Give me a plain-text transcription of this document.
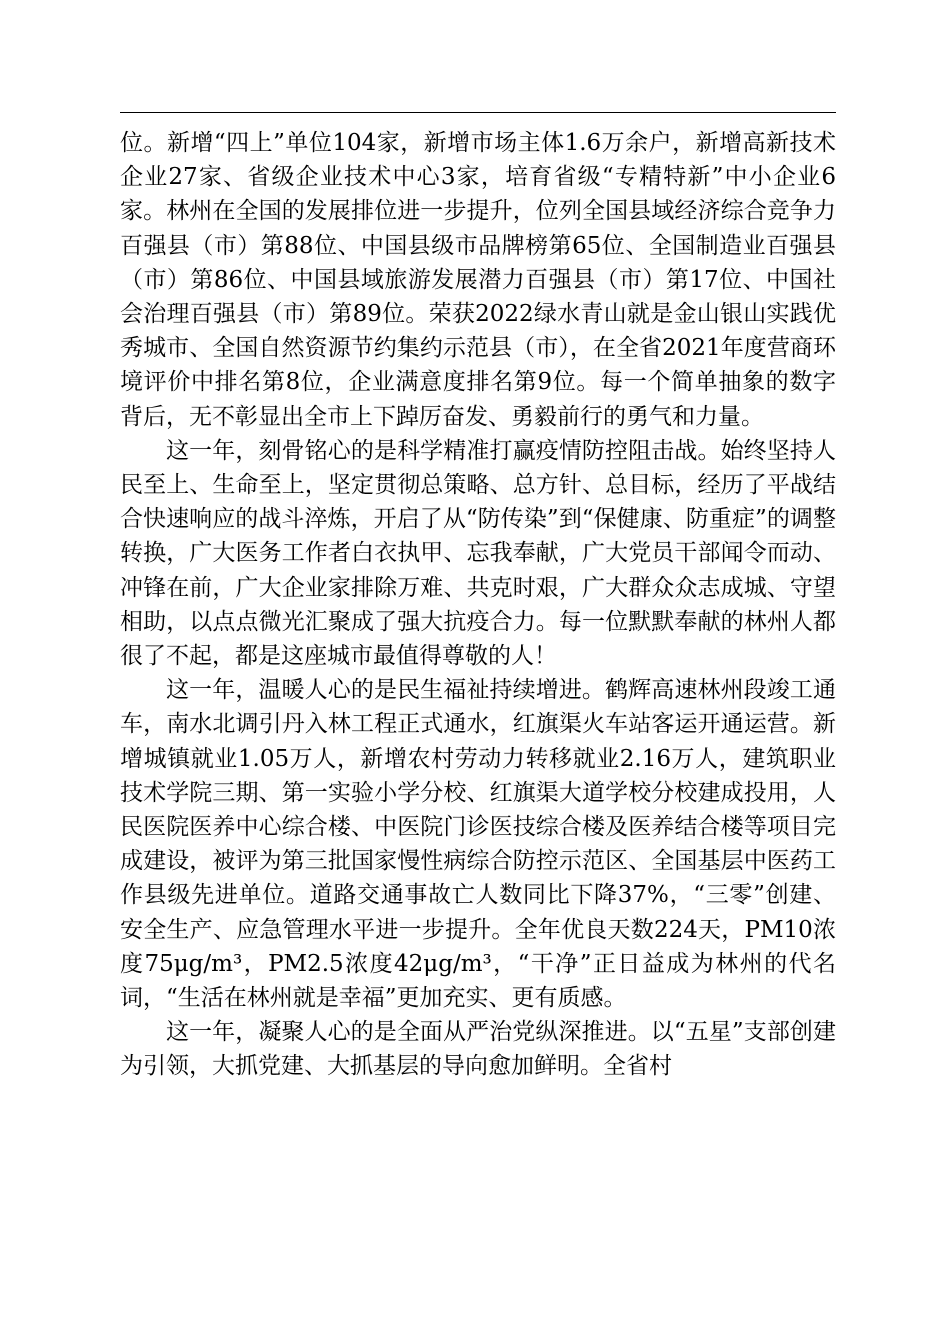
位。新增“四上”单位104家，新增市场主体1.6万余户，新增高新技术企业27家、省级企业技术中心3家，培育省级“专精特新”中小企业6家。林州在全国的发展排位进一步提升，位列全国县域经济综合竞争力百强县（市）第88位、中国县级市品牌榜第65位、全国制造业百强县（市）第86位、中国县域旅游发展潜力百强县（市）第17位、中国社会治理百强县（市）第89位。荣获2022绿水青山就是金山银山实践优秀城市、全国自然资源节约集约示范县（市），在全省2021年度营商环境评价中排名第8位，企业满意度排名第9位。每一个简单抽象的数字背后，无不彰显出全市上下踔厉奋发、勇毅前行的勇气和力量。

这一年，刻骨铭心的是科学精准打赢疫情防控阻击战。始终坚持人民至上、生命至上，坚定贯彻总策略、总方针、总目标，经历了平战结合快速响应的战斗淬炼，开启了从“防传染”到“保健康、防重症”的调整转换，广大医务工作者白衣执甲、忘我奉献，广大党员干部闻令而动、冲锋在前，广大企业家排除万难、共克时艰，广大群众众志成城、守望相助，以点点微光汇聚成了强大抗疫合力。每一位默默奉献的林州人都很了不起，都是这座城市最值得尊敬的人！

这一年，温暖人心的是民生福祉持续增进。鹤辉高速林州段竣工通车，南水北调引丹入林工程正式通水，红旗渠火车站客运开通运营。新增城镇就业1.05万人，新增农村劳动力转移就业2.16万人，建筑职业技术学院三期、第一实验小学分校、红旗渠大道学校分校建成投用，人民医院医养中心综合楼、中医院门诊医技综合楼及医养结合楼等项目完成建设，被评为第三批国家慢性病综合防控示范区、全国基层中医药工作县级先进单位。道路交通事故亡人数同比下降37%，“三零”创建、安全生产、应急管理水平进一步提升。全年优良天数224天，PM10浓度75μg/m³，PM2.5浓度42μg/m³，“干净”正日益成为林州的代名词，“生活在林州就是幸福”更加充实、更有质感。

这一年，凝聚人心的是全面从严治党纵深推进。以“五星”支部创建为引领，大抓党建、大抓基层的导向愈加鲜明。全省村
